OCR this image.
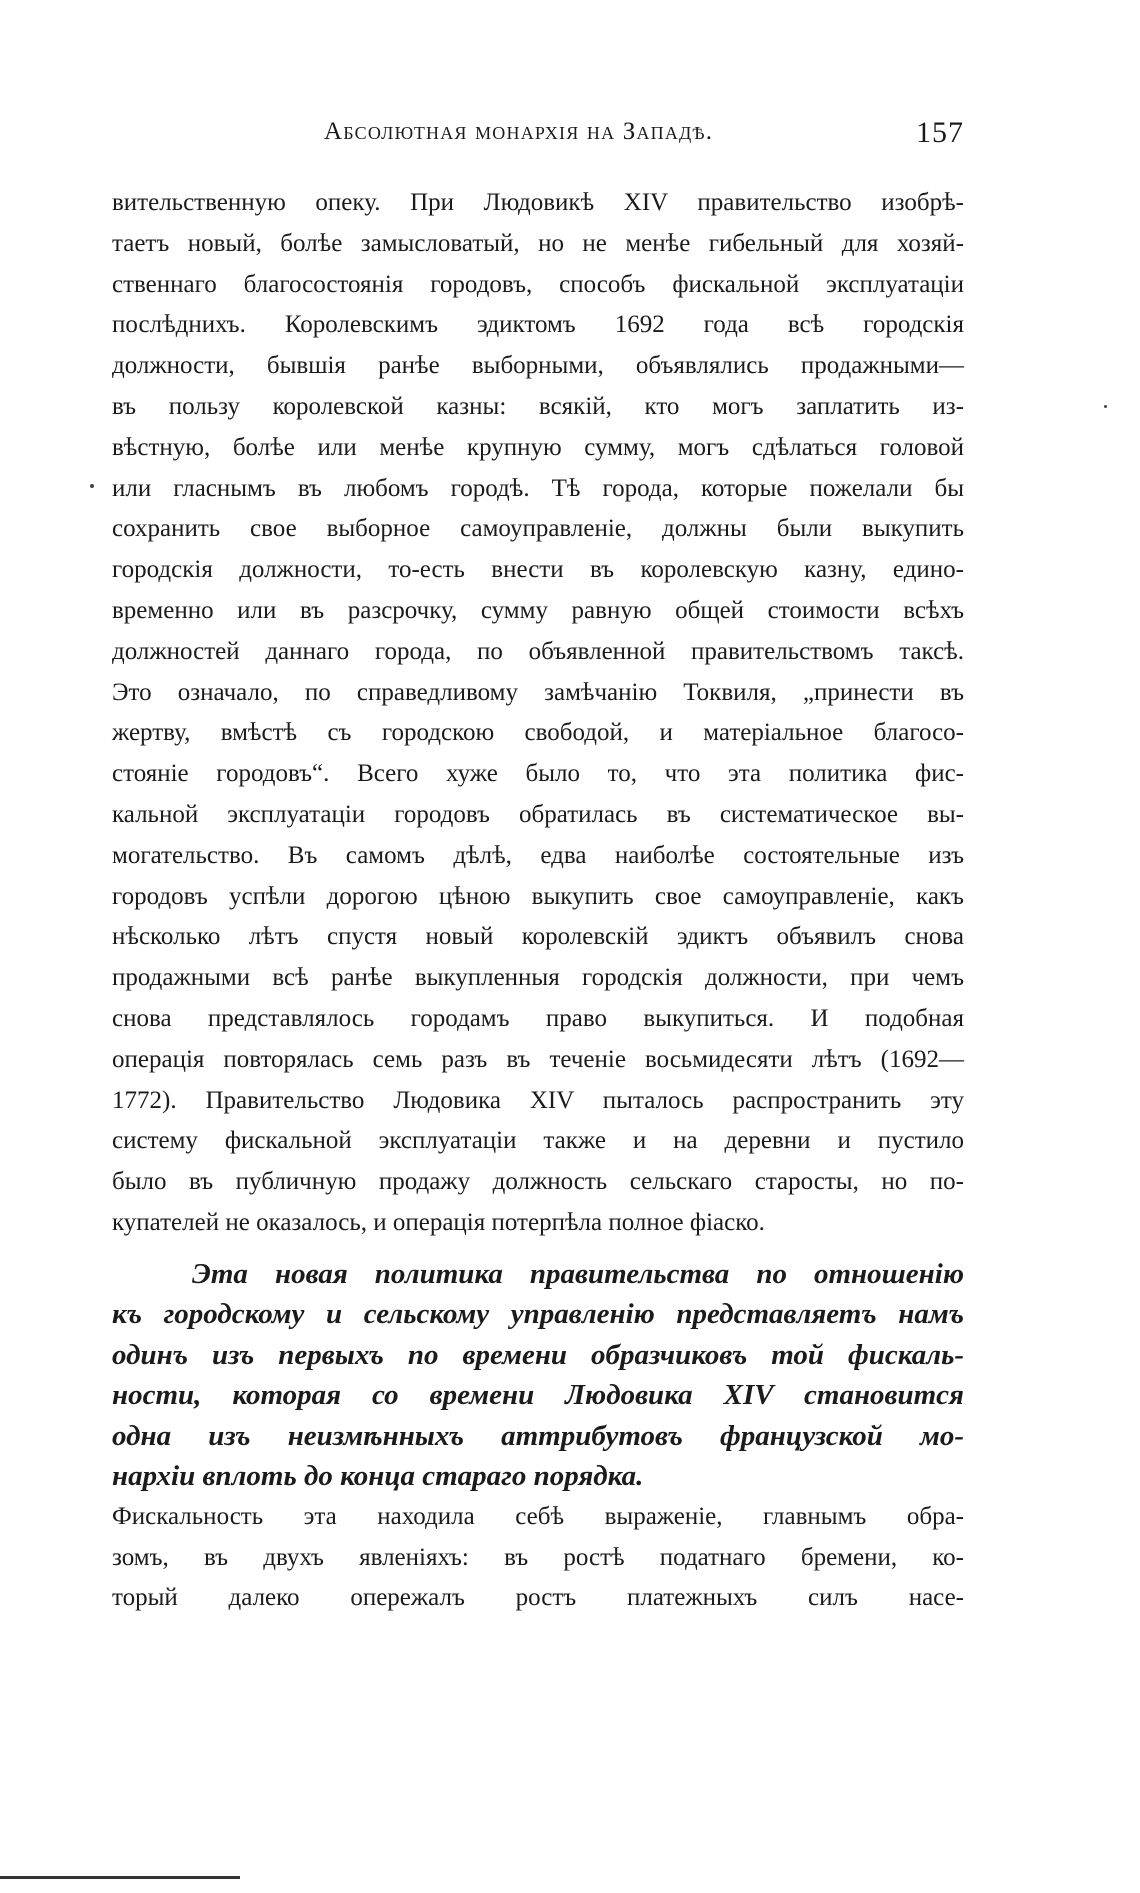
Абсолютная монархія на Западѣ.	157
вительственную опеку. При Людовикѣ XIV правительство изобрѣ-
таетъ новый, болѣе замысловатый, но не менѣе гибельный для хозяй-
ственнаго благосостоянія городовъ, способъ фискальной эксплуатаціи
послѣднихъ. Королевскимъ эдиктомъ 1692 года всѣ городскія
должности, бывшія ранѣе выборными, объявлялись продажными—
въ пользу королевской казны: всякій, кто могъ заплатить из-
вѣстную, болѣе или менѣе крупную сумму, могъ сдѣлаться головой
или гласнымъ въ любомъ городѣ. Тѣ города, которые пожелали бы
сохранить свое выборное самоуправленіе, должны были выкупить
городскія должности, то-есть внести въ королевскую казну, едино-
временно или въ разсрочку, сумму равную общей стоимости всѣхъ
должностей даннаго города, по объявленной правительствомъ таксѣ.
Это означало, по справедливому замѣчанію Токвиля, „принести въ
жертву, вмѣстѣ съ городскою свободой, и матеріальное благосо-
стояніе городовъ“. Всего хуже было то, что эта политика фис-
кальной эксплуатаціи городовъ обратилась въ систематическое вы-
могательство. Въ самомъ дѣлѣ, едва наиболѣе состоятельные изъ
городовъ успѣли дорогою цѣною выкупить свое самоуправленіе, какъ
нѣсколько лѣтъ спустя новый королевскій эдиктъ объявилъ снова
продажными всѣ ранѣе выкупленныя городскія должности, при чемъ
снова представлялось городамъ право выкупиться. И подобная
операція повторялась семь разъ въ теченіе восьмидесяти лѣтъ (1692—
1772). Правительство Людовика XIV пыталось распространить эту
систему фискальной эксплуатаціи также и на деревни и пустило
было въ публичную продажу должность сельскаго старосты, но по-
купателей не оказалось, и операція потерпѣла полное фіаско.
Эта новая политика правительства по отношенію
къ городскому и сельскому управленію представляетъ намъ
одинъ изъ первыхъ по времени образчиковъ той фискаль-
ности, которая со времени Людовика XIV становится
одна изъ неизмѣнныхъ аттрибутовъ французской мо-
нархіи вплоть до конца стараго порядка.
Фискальность эта находила себѣ выраженіе, главнымъ обра-
зомъ, въ двухъ явленіяхъ: въ ростѣ податнаго бремени, ко-
торый далеко опережалъ ростъ платежныхъ силъ насе-
